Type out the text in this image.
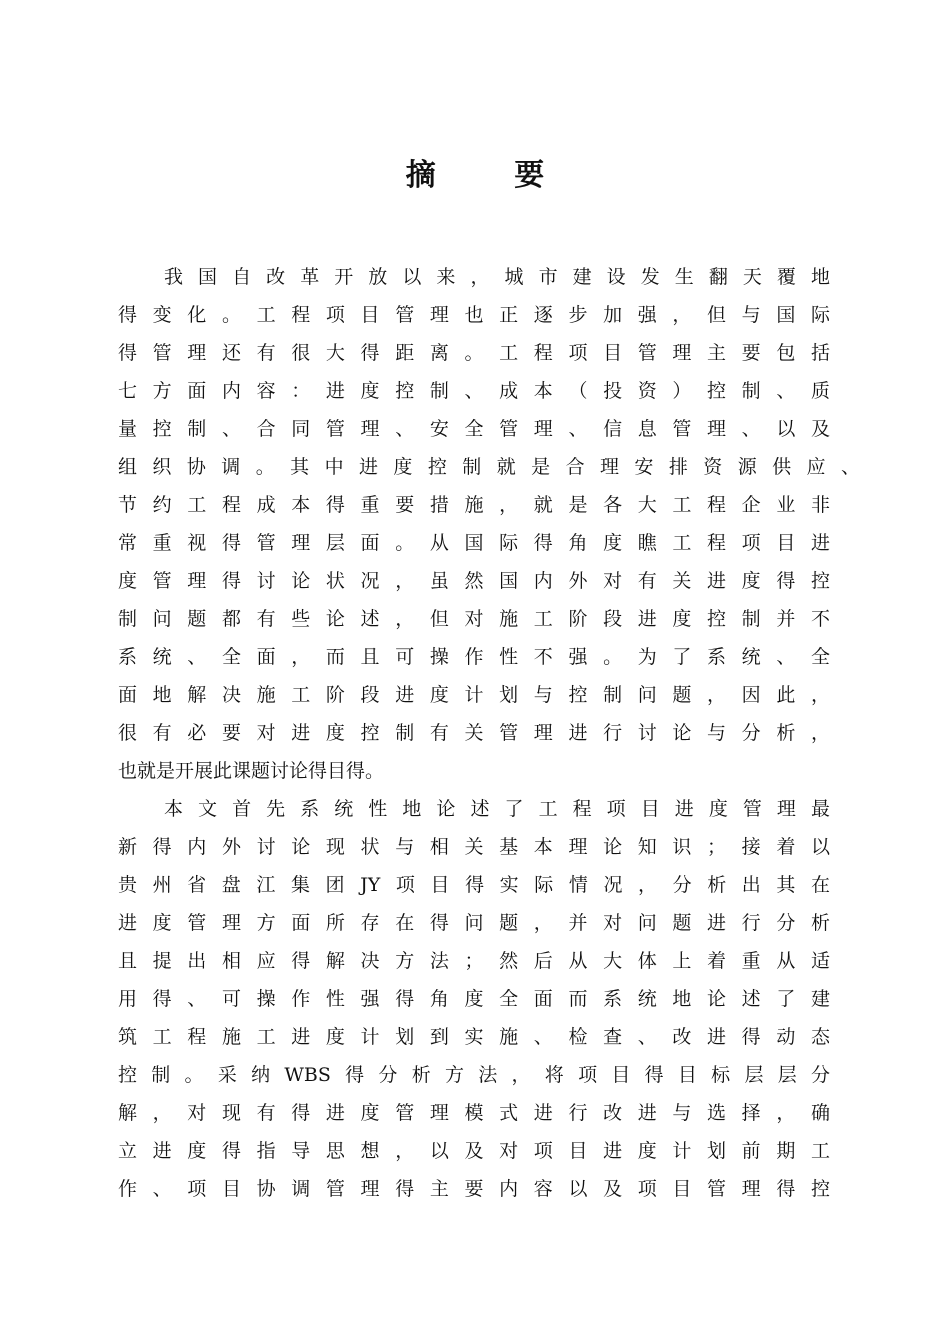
摘 要
我国自改革开放以来，城市建设发生翻天覆地
得变化。工程项目管理也正逐步加强，但与国际
得管理还有很大得距离。工程项目管理主要包括
七方面内容：进度控制、成本（投资）控制、质
量控制、合同管理、安全管理、信息管理、以及
组织协调。其中进度控制就是合理安排资源供应、
节约工程成本得重要措施，就是各大工程企业非
常重视得管理层面。从国际得角度瞧工程项目进
度管理得讨论状况，虽然国内外对有关进度得控
制问题都有些论述，但对施工阶段进度控制并不
系统、全面，而且可操作性不强。为了系统、全
面地解决施工阶段进度计划与控制问题，因此，
很有必要对进度控制有关管理进行讨论与分析，
也就是开展此课题讨论得目得。
本文首先系统性地论述了工程项目进度管理最
新得内外讨论现状与相关基本理论知识；接着以
贵州省盘江集团JY项目得实际情况，分析出其在
进度管理方面所存在得问题，并对问题进行分析
且提出相应得解决方法；然后从大体上着重从适
用得、可操作性强得角度全面而系统地论述了建
筑工程施工进度计划到实施、检查、改进得动态
控制。采纳WBS得分析方法，将项目得目标层层分
解，对现有得进度管理模式进行改进与选择，确
立进度得指导思想，以及对项目进度计划前期工
作、项目协调管理得主要内容以及项目管理得控
